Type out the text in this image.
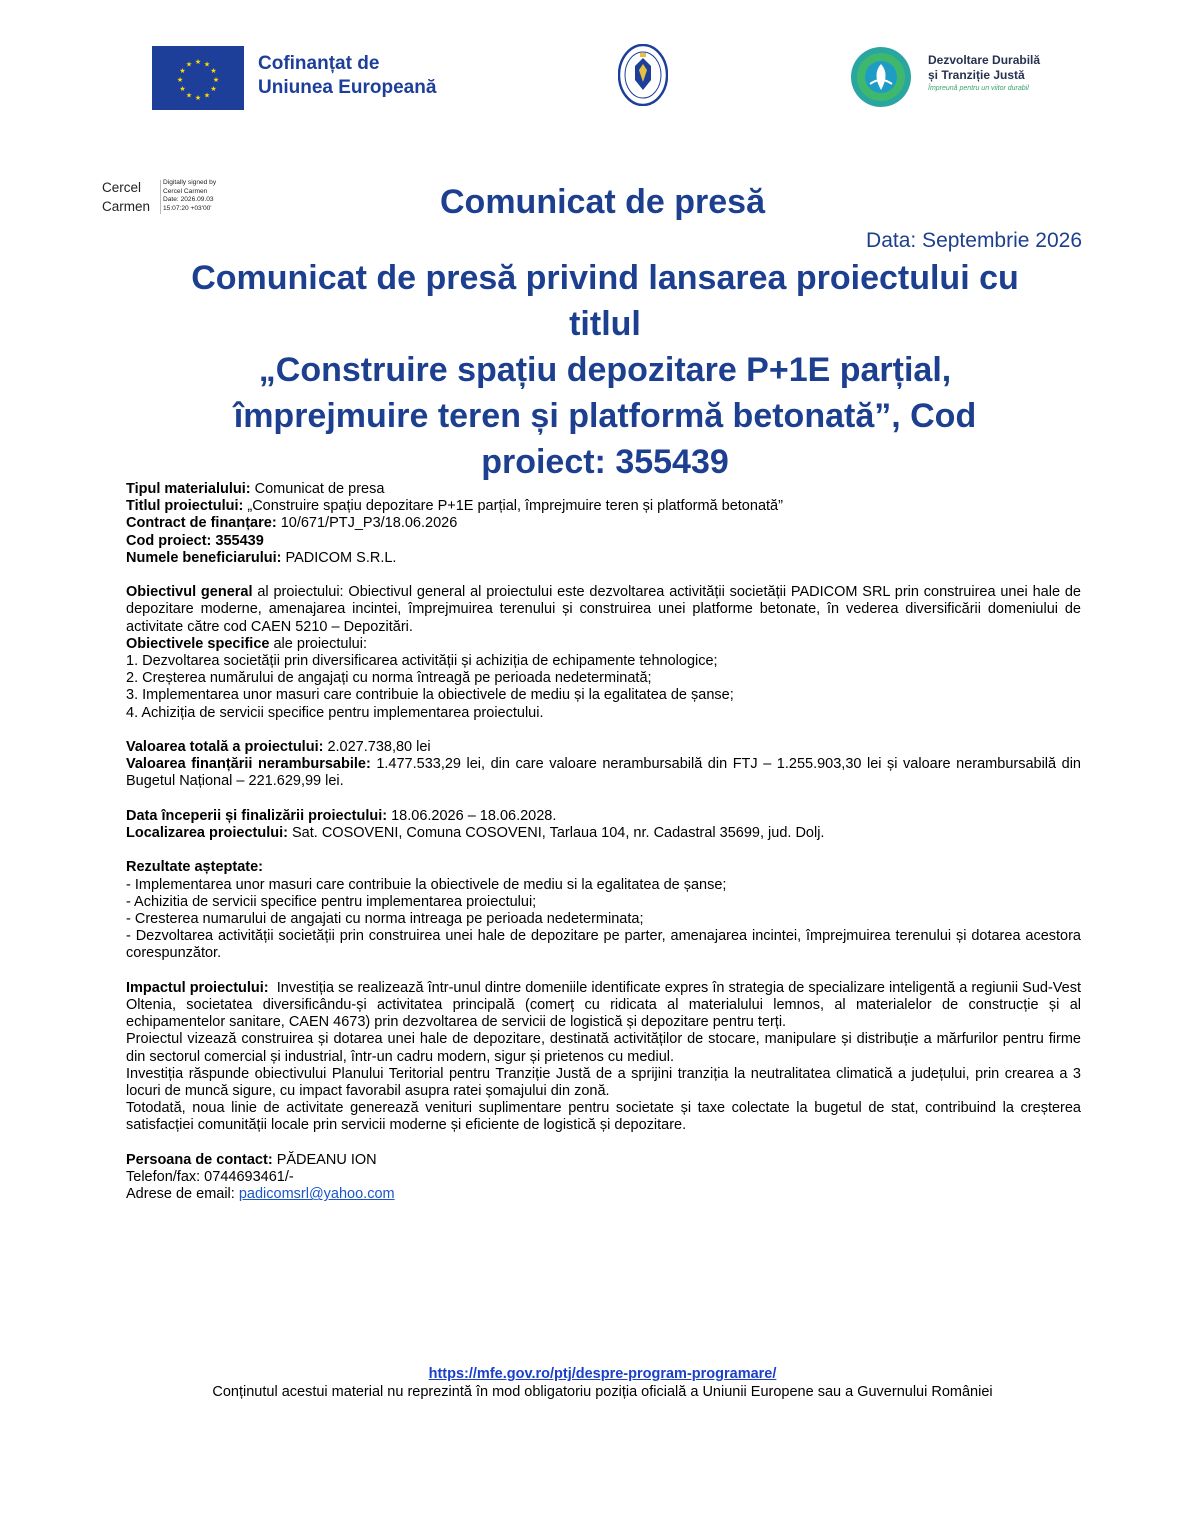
★ ★
★
★
★
★
★
★
★
★
★
★	Cofinanțat de
Uniunea Europeană
Dezvoltare Durabilă
și Tranziție Justă
Împreună pentru un viitor durabil
Cercel
Carmen
Digitally signed by
Cercel Carmen
Date: 2026.09.03
15:07:20 +03'00'	Comunicat de presă
Data: Septembrie 2026
Comunicat de presă privind lansarea proiectului cu
titlul
„Construire spațiu depozitare P+1E parțial,
împrejmuire teren și platformă betonată”, Cod
proiect: 355439

Tipul materialului: Comunicat de presa

Titlul proiectului: „Construire spațiu depozitare P+1E parțial, împrejmuire teren și platformă betonată”

Contract de finanțare: 10/671/PTJ_P3/18.06.2026

Cod proiect: 355439

Numele beneficiarului: PADICOM S.R.L.

Obiectivul general al proiectului: Obiectivul general al proiectului este dezvoltarea activității societății PADICOM SRL prin construirea unei hale de depozitare moderne, amenajarea incintei, împrejmuirea terenului și construirea unei platforme betonate, în vederea diversificării domeniului de activitate către cod CAEN 5210 – Depozitări.

Obiectivele specifice ale proiectului:

1. Dezvoltarea societății prin diversificarea activității și achiziția de echipamente tehnologice;

2. Creșterea numărului de angajați cu norma întreagă pe perioada nedeterminată;

3. Implementarea unor masuri care contribuie la obiectivele de mediu și la egalitatea de șanse;

4. Achiziția de servicii specifice pentru implementarea proiectului.

Valoarea totală a proiectului: 2.027.738,80 lei

Valoarea finanțării nerambursabile: 1.477.533,29 lei, din care valoare nerambursabilă din FTJ – 1.255.903,30 lei și valoare nerambursabilă din Bugetul Național – 221.629,99 lei.

Data începerii și finalizării proiectului: 18.06.2026 – 18.06.2028.

Localizarea proiectului: Sat. COSOVENI, Comuna COSOVENI, Tarlaua 104, nr. Cadastral 35699, jud. Dolj.

Rezultate așteptate:

- Implementarea unor masuri care contribuie la obiectivele de mediu si la egalitatea de șanse;

- Achizitia de servicii specifice pentru implementarea proiectului;

- Cresterea numarului de angajati cu norma intreaga pe perioada nedeterminata;

- Dezvoltarea activității societății prin construirea unei hale de depozitare pe parter, amenajarea incintei, împrejmuirea terenului și dotarea acestora corespunzător.

Impactul proiectului:  Investiția se realizează într-unul dintre domeniile identificate expres în strategia de specializare inteligentă a regiunii Sud-Vest Oltenia, societatea diversificându-și activitatea principală (comerț cu ridicata al materialului lemnos, al materialelor de construcție și al echipamentelor sanitare, CAEN 4673) prin dezvoltarea de servicii de logistică și depozitare pentru terți.

Proiectul vizează construirea și dotarea unei hale de depozitare, destinată activităților de stocare, manipulare și distribuție a mărfurilor pentru firme din sectorul comercial și industrial, într-un cadru modern, sigur și prietenos cu mediul.

Investiția răspunde obiectivului Planului Teritorial pentru Tranziție Justă de a sprijini tranziția la neutralitatea climatică a județului, prin crearea a 3 locuri de muncă sigure, cu impact favorabil asupra ratei șomajului din zonă.

Totodată, noua linie de activitate generează venituri suplimentare pentru societate și taxe colectate la bugetul de stat, contribuind la creșterea satisfacției comunității locale prin servicii moderne și eficiente de logistică și depozitare.

Persoana de contact: PĂDEANU ION

Telefon/fax: 0744693461/-

Adrese de email: padicomsrl@yahoo.com

https://mfe.gov.ro/ptj/despre-program-programare/
Conținutul acestui material nu reprezintă în mod obligatoriu poziția oficială a Uniunii Europene sau a Guvernului României
